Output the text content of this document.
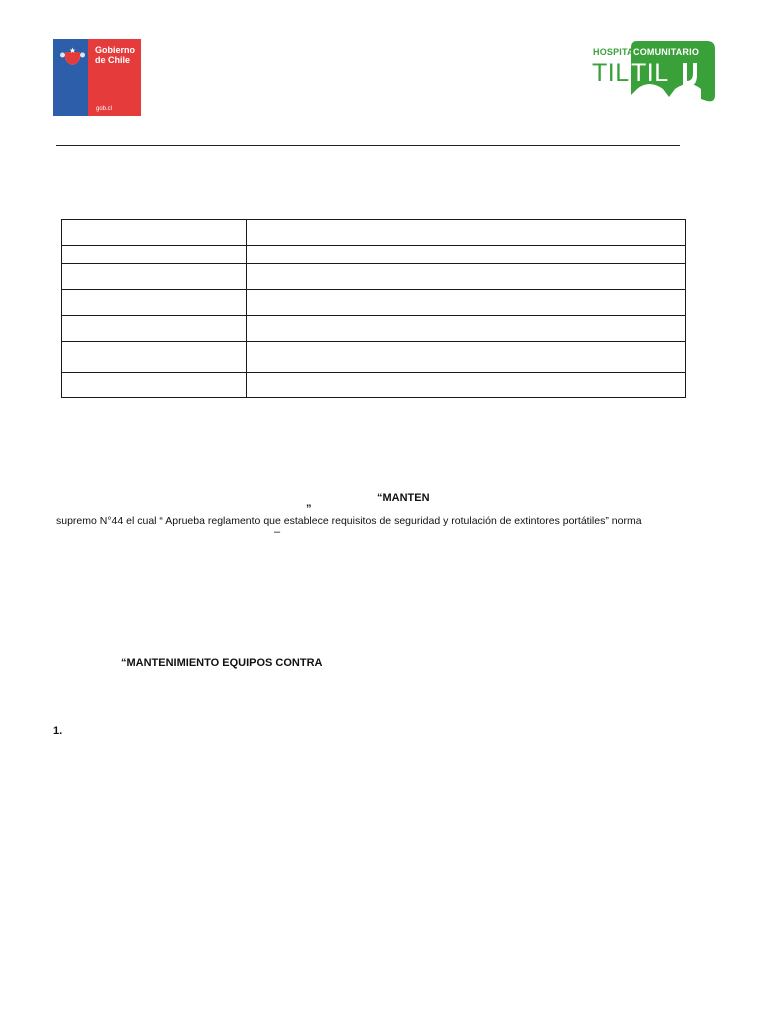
Gobierno
de Chile
gob.cl
HOSPITAL
COMUNITARIO
TIL TIL

“MANTEN
”
supremo N°44 el cual “ Aprueba reglamento que establece requisitos de seguridad y rotulación de extintores portátiles” norma
–
“MANTENIMIENTO EQUIPOS CONTRA
1.
